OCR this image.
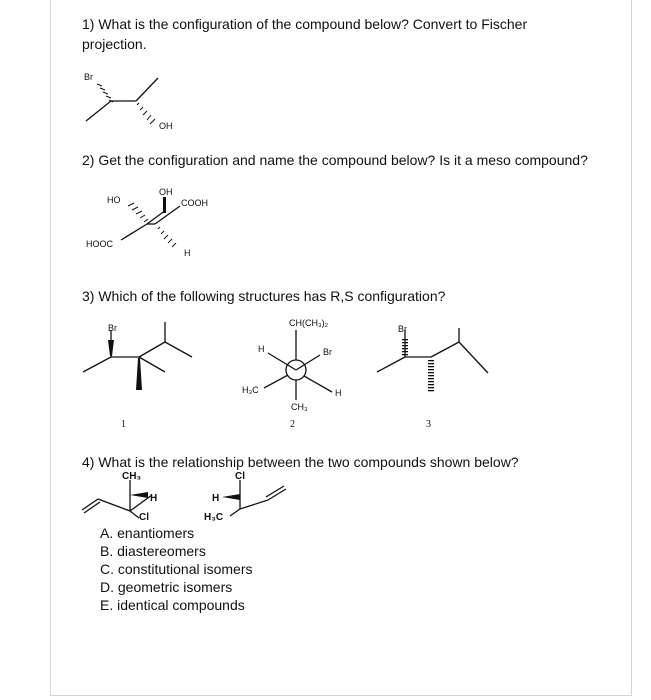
1) What is the configuration of the compound below? Convert to Fischer projection.
2) Get the configuration and name the compound below? Is it a meso compound?
3) Which of the following structures has R,S configuration?
4) What is the relationship between the two compounds shown below?
Br
OH
HO
OH
COOH
HOOC
H
Br
1
CH(CH₃)₂
H	Br
H₃C	H
CH₃
2
Br
3
CH₃
H
Cl
Cl
H
H₃C
A. enantiomers
B. diastereomers
C. constitutional isomers
D. geometric isomers
E. identical compounds
